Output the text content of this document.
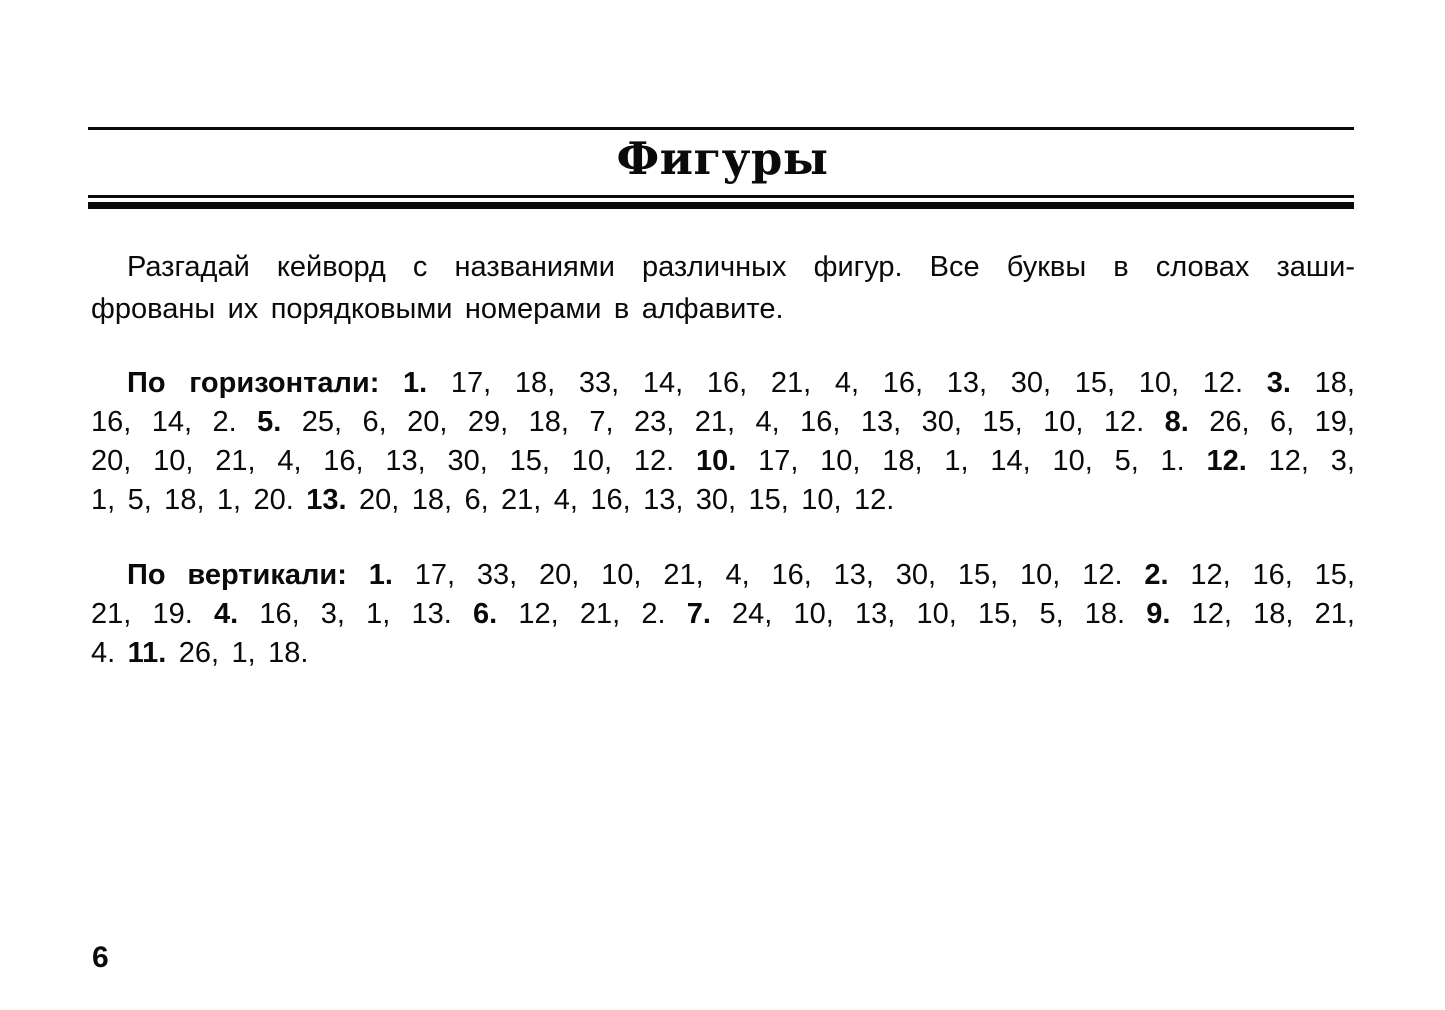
Фигуры
Разгадай кейворд с названиями различных фигур. Все буквы в словах заши-
фрованы их порядковыми номерами в алфавите.
По горизонтали: 1. 17, 18, 33, 14, 16, 21, 4, 16, 13, 30, 15, 10, 12. 3. 18,
16, 14, 2. 5. 25, 6, 20, 29, 18, 7, 23, 21, 4, 16, 13, 30, 15, 10, 12. 8. 26, 6, 19,
20, 10, 21, 4, 16, 13, 30, 15, 10, 12. 10. 17, 10, 18, 1, 14, 10, 5, 1. 12. 12, 3,
1, 5, 18, 1, 20. 13. 20, 18, 6, 21, 4, 16, 13, 30, 15, 10, 12.
По вертикали: 1. 17, 33, 20, 10, 21, 4, 16, 13, 30, 15, 10, 12. 2. 12, 16, 15,
21, 19. 4. 16, 3, 1, 13. 6. 12, 21, 2. 7. 24, 10, 13, 10, 15, 5, 18. 9. 12, 18, 21,
4. 11. 26, 1, 18.
6
